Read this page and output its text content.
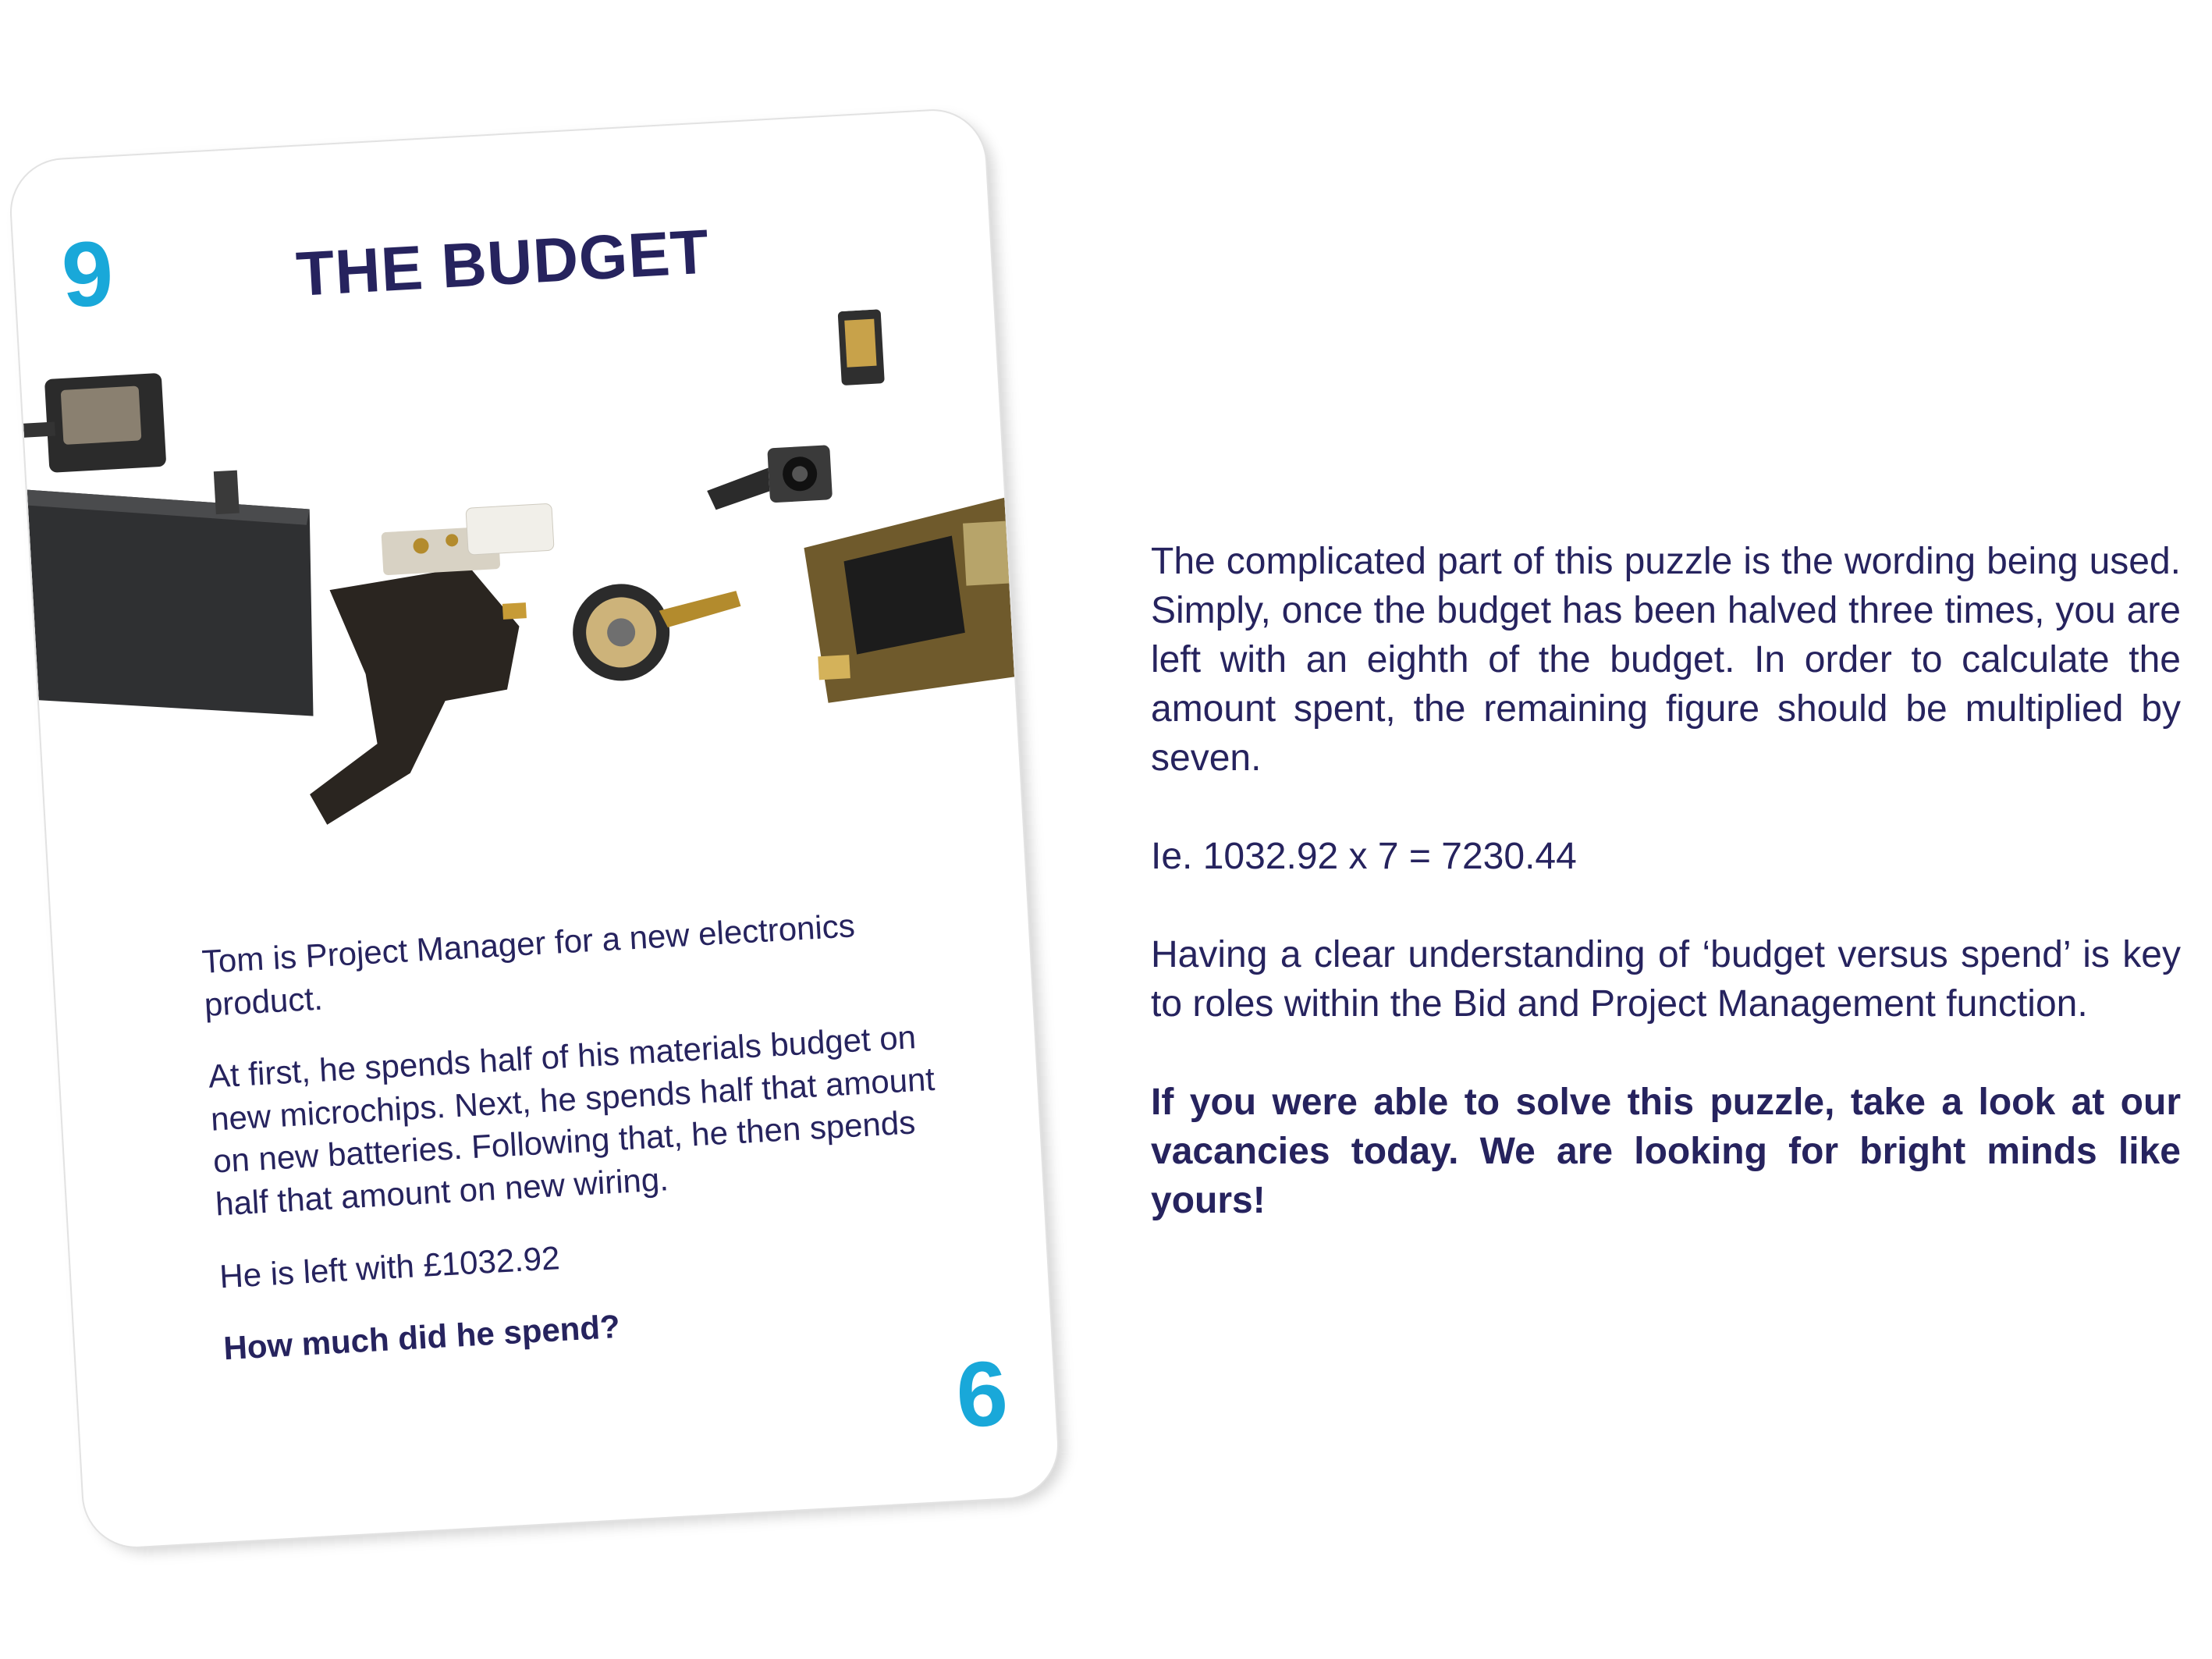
9	THE BUDGET

Tom is Project Manager for a new electronics product.

At first, he spends half of his materials budget on new microchips. Next, he spends half that amount on new batteries. Following that, he then spends half that amount on new wiring.

He is left with £1032.92

How much did he spend?

6

The complicated part of this puzzle is the wording being used. Simply, once the budget has been halved three times, you are left with an eighth of the budget. In order to calculate the amount spent, the remaining figure should be multiplied by seven.

Ie. 1032.92 x 7 = 7230.44

Having a clear understanding of ‘budget versus spend’ is key to roles within the Bid and Project Management function.

If you were able to solve this puzzle, take a look at our vacancies today. We are looking for bright minds like yours!
